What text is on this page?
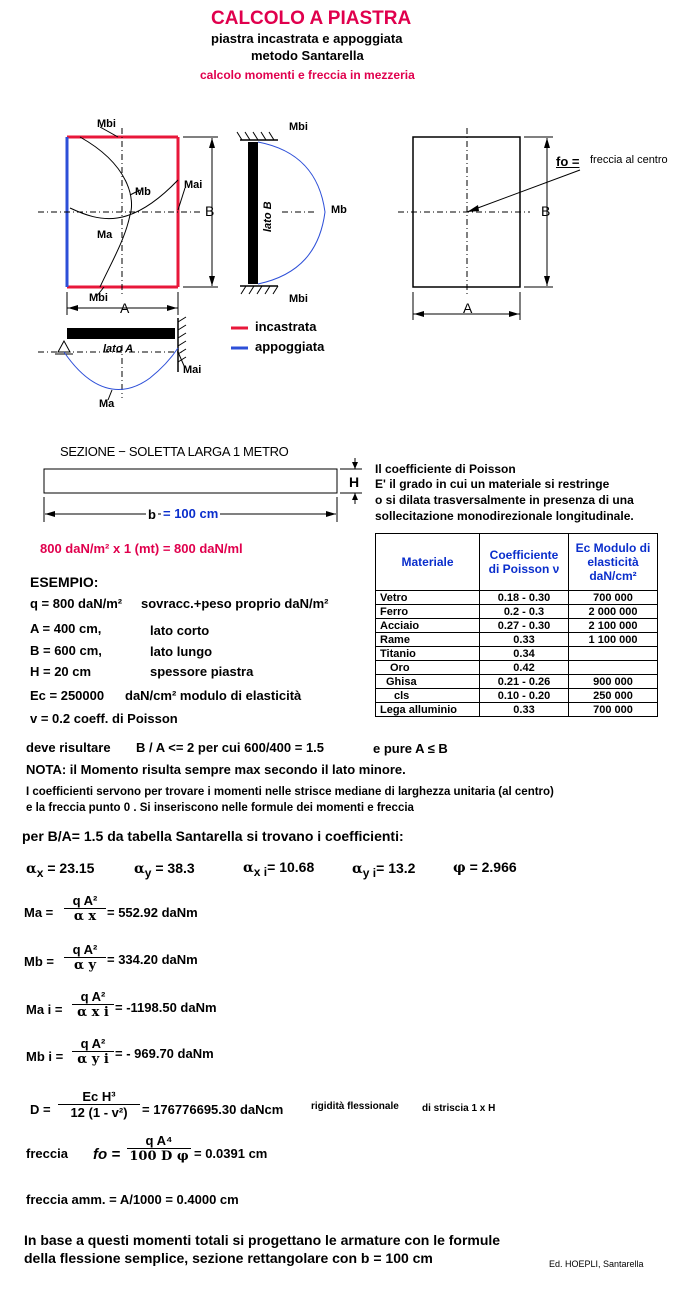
CALCOLO A PIASTRA
piastra incastrata e appoggiata
metodo Santarella
calcolo momenti e freccia in mezzeria
Mbi
Mb
Mai
Ma
Mbi
B
A
Mbi
Mbi
Mb
lato B
lato A
Mai
Ma
incastrata
appoggiata
fo = freccia al centro
B
A
SEZIONE − SOLETTA LARGA 1 METRO
H
b = 100 cm
800 daN/m² x 1 (mt) = 800 daN/ml
Il coefficiente di Poisson
E' il grado in cui un materiale si restringe
o si dilata trasversalmente in presenza di una
sollecitazione monodirezionale longitudinale.
Materiale	Coefficiente di Poisson ν	Ec Modulo di elasticità daN/cm²
Vetro	0.18 - 0.30	700 000
Ferro	0.2 - 0.3	2 000 000
Acciaio	0.27 - 0.30	2 100 000
Rame	0.33	1 100 000
Titanio	0.34	
Oro	0.42	
Ghisa	0.21 - 0.26	900 000
cls	0.10 - 0.20	250 000
Lega alluminio	0.33	700 000
ESEMPIO:
q = 800 daN/m² sovracc.+peso proprio daN/m²
A = 400 cm,	lato corto
B = 600 cm,	lato lungo
H = 20 cm	spessore piastra
Ec = 250000 daN/cm² modulo di elasticità
v = 0.2 coeff. di Poisson
deve risultare B / A <= 2 per cui 600/400 = 1.5	e pure A ≤ B
NOTA: il Momento risulta sempre max secondo il lato minore.
I coefficienti servono per trovare i momenti nelle strisce mediane di larghezza unitaria (al centro)
e la freccia punto 0 . Si inseriscono nelle formule dei momenti e freccia
per B/A= 1.5 da tabella Santarella si trovano i coefficienti:
$\alpha_x = 23.15$	$\alpha_y = 38.3$	$\alpha_{x i}= 10.68$	$\alpha_{y i}= 13.2$	φ = 2.966
$Ma = \frac{\text{q A²}}{\text{α x}} = 552.92$ daNm
$Mb = \frac{\text{q A²}}{\text{α y}} = 334.20$ daNm
Ma $i = \frac{\text{q A²}}{\text{α x i}} = -1198.50$ daNm
Mb $i = \frac{\text{q A²}}{\text{α y i}}$ = - 969.70 daNm
$D = \frac{\text{Ec H³}}{\text{12 (1 - v²)}} = 176776695.30$ daNcm	rigidità flessionale di striscia 1 x H
freccia fo = $\frac{\text{q A⁴}}{\text{100 D φ}} = 0.0391$ cm
freccia amm. = A/1000 = 0.4000 cm
In base a questi momenti totali si progettano le armature con le formule
della flessione semplice, sezione rettangolare con b = 100 cm	Ed. HOEPLI, Santarella
